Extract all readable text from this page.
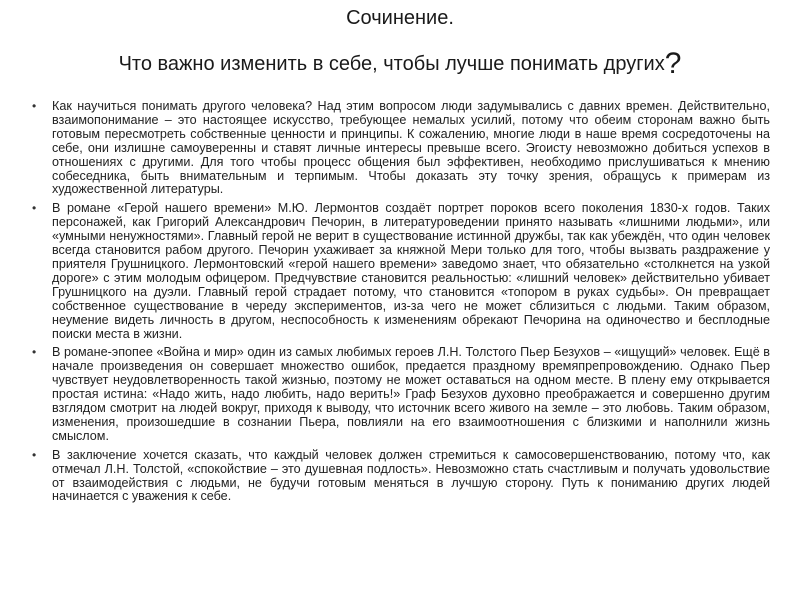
Сочинение.
Что важно изменить в себе, чтобы лучше понимать других?
• Как научиться понимать другого человека? Над этим вопросом люди задумывались с давних времен. Действительно, взаимопонимание – это настоящее искусство, требующее немалых усилий, потому что обеим сторонам важно быть готовым пересмотреть собственные ценности и принципы. К сожалению, многие люди в наше время сосредоточены на себе, они излишне самоуверенны и ставят личные интересы превыше всего. Эгоисту невозможно добиться успехов в отношениях с другими. Для того чтобы процесс общения был эффективен, необходимо прислушиваться к мнению собеседника, быть внимательным и терпимым. Чтобы доказать эту точку зрения, обращусь к примерам из художественной литературы.
• В романе «Герой нашего времени» М.Ю. Лермонтов создаёт портрет пороков всего поколения 1830-х годов. Таких персонажей, как Григорий Александрович Печорин, в литературоведении принято называть «лишними людьми», или «умными ненужностями». Главный герой не верит в существование истинной дружбы, так как убеждён, что один человек всегда становится рабом другого. Печорин ухаживает за княжной Мери только для того, чтобы вызвать раздражение у приятеля Грушницкого. Лермонтовский «герой нашего времени» заведомо знает, что обязательно «столкнется на узкой дороге» с этим молодым офицером. Предчувствие становится реальностью: «лишний человек» действительно убивает Грушницкого на дуэли. Главный герой страдает потому, что становится «топором в руках судьбы». Он превращает собственное существование в череду экспериментов, из-за чего не может сблизиться с людьми. Таким образом, неумение видеть личность в другом, неспособность к изменениям обрекают Печорина на одиночество и бесплодные поиски места в жизни.
• В романе-эпопее «Война и мир» один из самых любимых героев Л.Н. Толстого Пьер Безухов – «ищущий» человек. Ещё в начале произведения он совершает множество ошибок, предается праздному времяпрепровождению. Однако Пьер чувствует неудовлетворенность такой жизнью, поэтому не может оставаться на одном месте. В плену ему открывается простая истина: «Надо жить, надо любить, надо верить!» Граф Безухов духовно преображается и совершенно другим взглядом смотрит на людей вокруг, приходя к выводу, что источник всего живого на земле – это любовь. Таким образом, изменения, произошедшие в сознании Пьера, повлияли на его взаимоотношения с близкими и наполнили жизнь смыслом.
• В заключение хочется сказать, что каждый человек должен стремиться к самосовершенствованию, потому что, как отмечал Л.Н. Толстой, «спокойствие – это душевная подлость». Невозможно стать счастливым и получать удовольствие от взаимодействия с людьми, не будучи готовым меняться в лучшую сторону. Путь к пониманию других людей начинается с уважения к себе.
